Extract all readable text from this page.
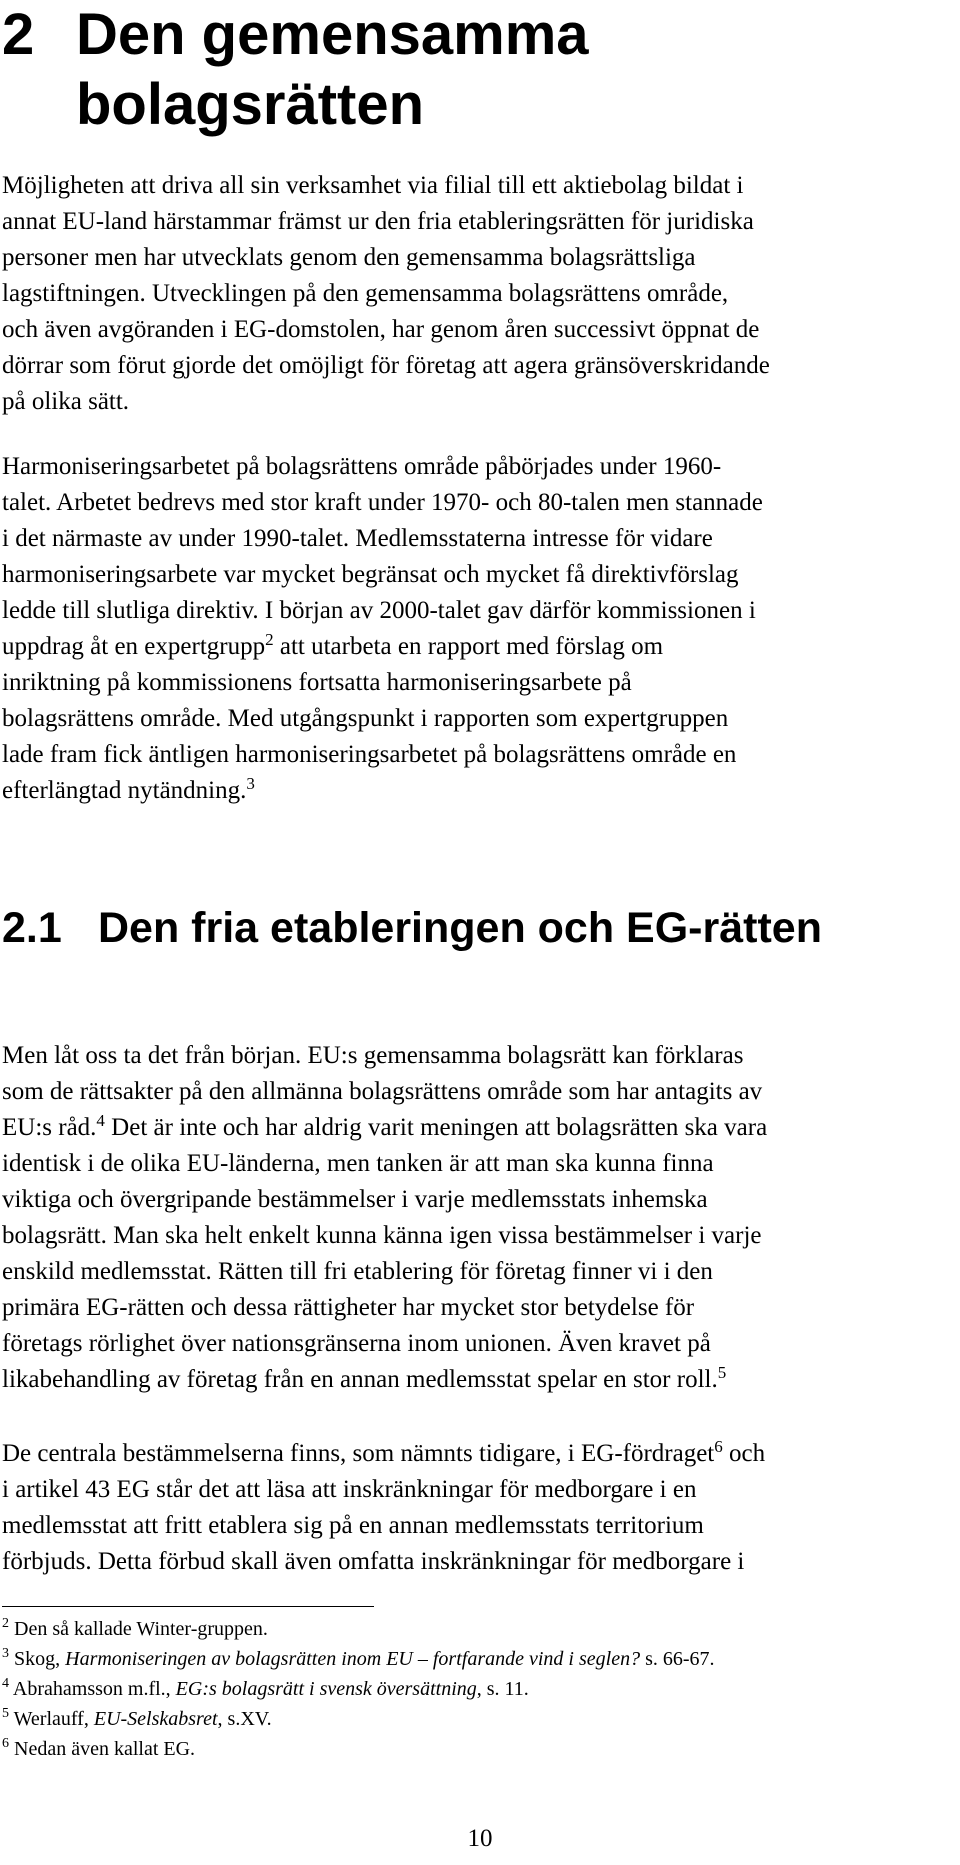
2 Den gemensamma
bolagsrätten

Möjligheten att driva all sin verksamhet via filial till ett aktiebolag bildat i
annat EU-land härstammar främst ur den fria etableringsrätten för juridiska
personer men har utvecklats genom den gemensamma bolagsrättsliga
lagstiftningen. Utvecklingen på den gemensamma bolagsrättens område,
och även avgöranden i EG-domstolen, har genom åren successivt öppnat de
dörrar som förut gjorde det omöjligt för företag att agera gränsöverskridande
på olika sätt.

Harmoniseringsarbetet på bolagsrättens område påbörjades under 1960-
talet. Arbetet bedrevs med stor kraft under 1970- och 80-talen men stannade
i det närmaste av under 1990-talet. Medlemsstaterna intresse för vidare
harmoniseringsarbete var mycket begränsat och mycket få direktivförslag
ledde till slutliga direktiv. I början av 2000-talet gav därför kommissionen i
uppdrag åt en expertgrupp$^2$ att utarbeta en rapport med förslag om
inriktning på kommissionens fortsatta harmoniseringsarbete på
bolagsrättens område. Med utgångspunkt i rapporten som expertgruppen
lade fram fick äntligen harmoniseringsarbetet på bolagsrättens område en
efterlängtad nytändning.$^3$

2.1 Den fria etableringen och EG-rätten

Men låt oss ta det från början. EU:s gemensamma bolagsrätt kan förklaras
som de rättsakter på den allmänna bolagsrättens område som har antagits av
EU:s råd.$^4$ Det är inte och har aldrig varit meningen att bolagsrätten ska vara
identisk i de olika EU-länderna, men tanken är att man ska kunna finna
viktiga och övergripande bestämmelser i varje medlemsstats inhemska
bolagsrätt. Man ska helt enkelt kunna känna igen vissa bestämmelser i varje
enskild medlemsstat. Rätten till fri etablering för företag finner vi i den
primära EG-rätten och dessa rättigheter har mycket stor betydelse för
företags rörlighet över nationsgränserna inom unionen. Även kravet på
likabehandling av företag från en annan medlemsstat spelar en stor roll.$^5$

De centrala bestämmelserna finns, som nämnts tidigare, i EG-fördraget$^6$ och
i artikel 43 EG står det att läsa att inskränkningar för medborgare i en
medlemsstat att fritt etablera sig på en annan medlemsstats territorium
förbjuds. Detta förbud skall även omfatta inskränkningar för medborgare i

$^2$ Den så kallade Winter-gruppen.
$^3$ Skog, Harmoniseringen av bolagsrätten inom EU – fortfarande vind i seglen? s. 66-67.
$^4$ Abrahamsson m.fl., EG:s bolagsrätt i svensk översättning, s. 11.
$^5$ Werlauff, EU-Selskabsret, s.XV.
$^6$ Nedan även kallat EG.
10
